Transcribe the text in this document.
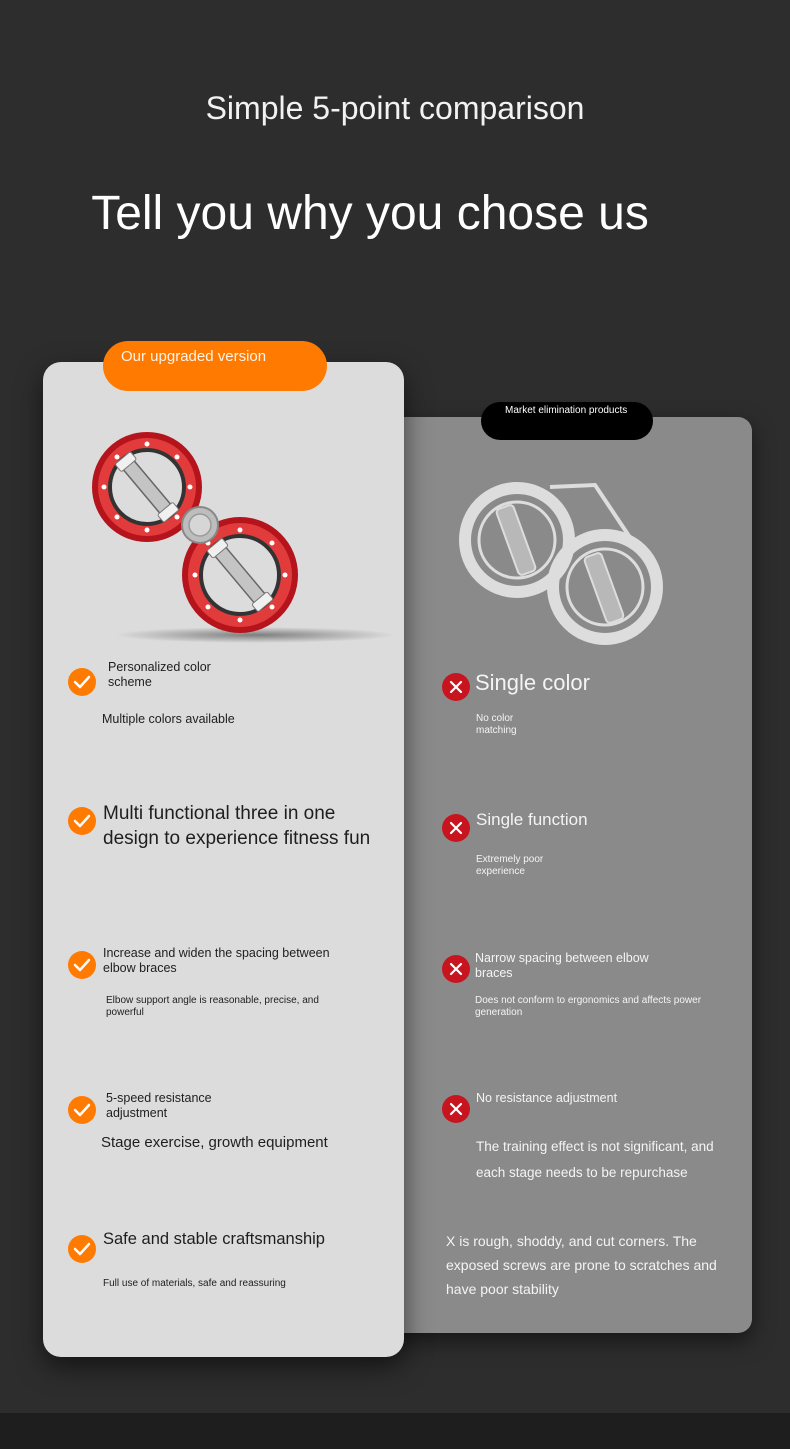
Simple 5-point comparison
Tell you why you chose us
Market elimination products
Our upgraded version
Personalized color scheme
Multiple colors available
Multi functional three in one design to experience fitness fun
Increase and widen the spacing between elbow braces
Elbow support angle is reasonable, precise, and powerful
5-speed resistance adjustment
Stage exercise, growth equipment
Safe and stable craftsmanship
Full use of materials, safe and reassuring
Single color
No color matching
Single function
Extremely poor experience
Narrow spacing between elbow braces
Does not conform to ergonomics and affects power generation
No resistance adjustment
The training effect is not significant, and each stage needs to be repurchase
X is rough, shoddy, and cut corners. The exposed screws are prone to scratches and have poor stability
